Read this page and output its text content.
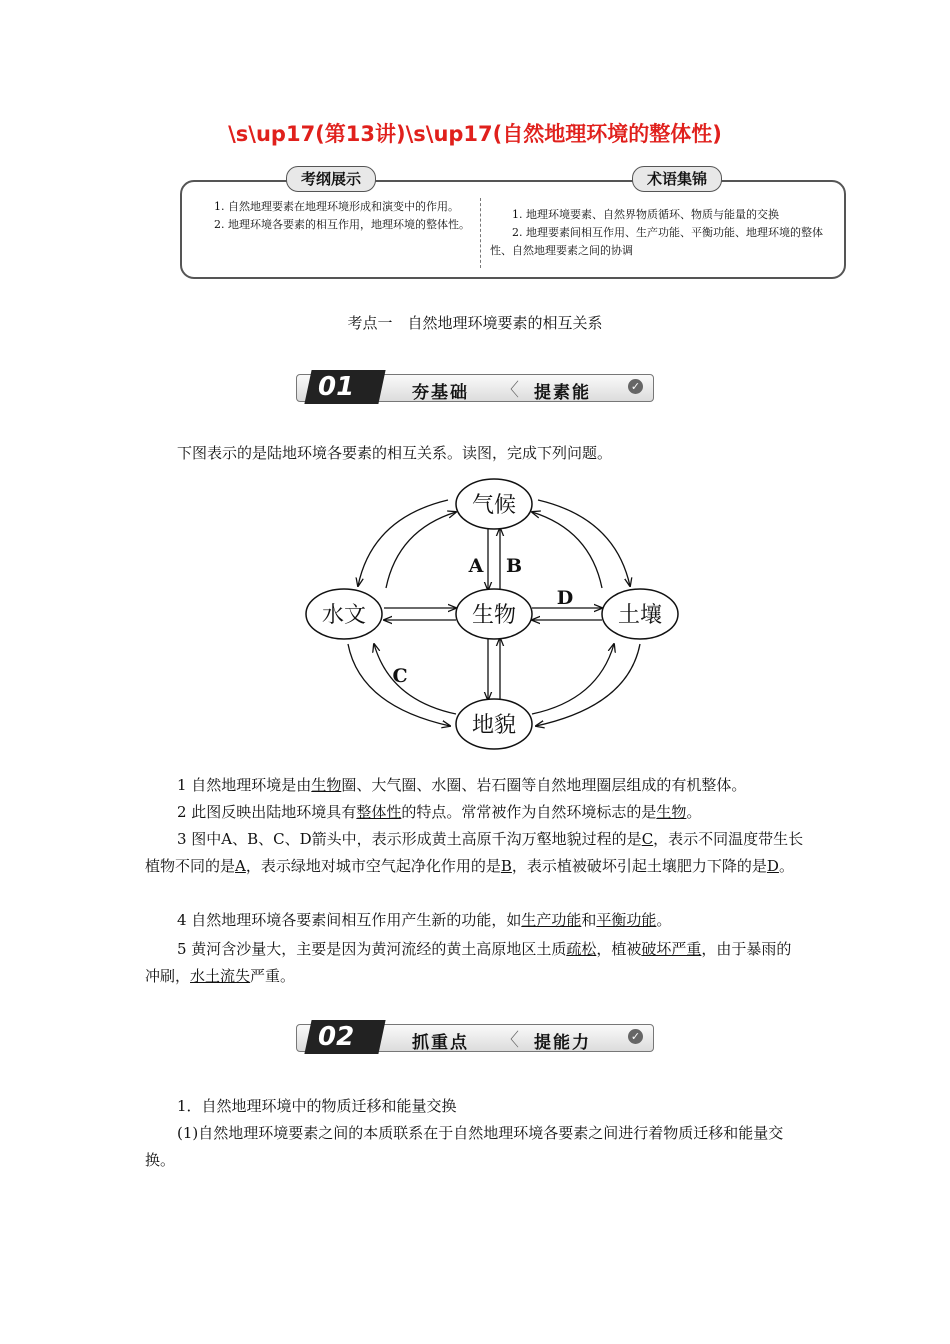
\s\up17(第13讲)\s\up17(自然地理环境的整体性)
考纲展示	术语集锦

1. 自然地理要素在地理环境形成和演变中的作用。

2. 地理环境各要素的相互作用，地理环境的整体性。

1. 地理环境要素、自然界物质循环、物质与能量的交换

2. 地理要素间相互作用、生产功能、平衡功能、地理环境的整体性、自然地理要素之间的协调

考点一　自然地理环境要素的相互关系
01	夯基础 〈 提素能	✓

下图表示的是陆地环境各要素的相互关系。读图，完成下列问题。

气候
水文	生物	土壤
地貌
A B
C
D

1 自然地理环境是由生物圈、大气圈、水圈、岩石圈等自然地理圈层组成的有机整体。

2 此图反映出陆地环境具有整体性的特点。常常被作为自然环境标志的是生物。

3 图中A、B、C、D箭头中，表示形成黄土高原千沟万壑地貌过程的是C，表示不同温度带生长植物不同的是A，表示绿地对城市空气起净化作用的是B，表示植被破坏引起土壤肥力下降的是D。

4 自然地理环境各要素间相互作用产生新的功能，如生产功能和平衡功能。

5 黄河含沙量大，主要是因为黄河流经的黄土高原地区土质疏松，植被破坏严重，由于暴雨的冲刷，水土流失严重。

02	抓重点 〈 提能力	✓

1．自然地理环境中的物质迁移和能量交换

(1)自然地理环境要素之间的本质联系在于自然地理环境各要素之间进行着物质迁移和能量交换。
